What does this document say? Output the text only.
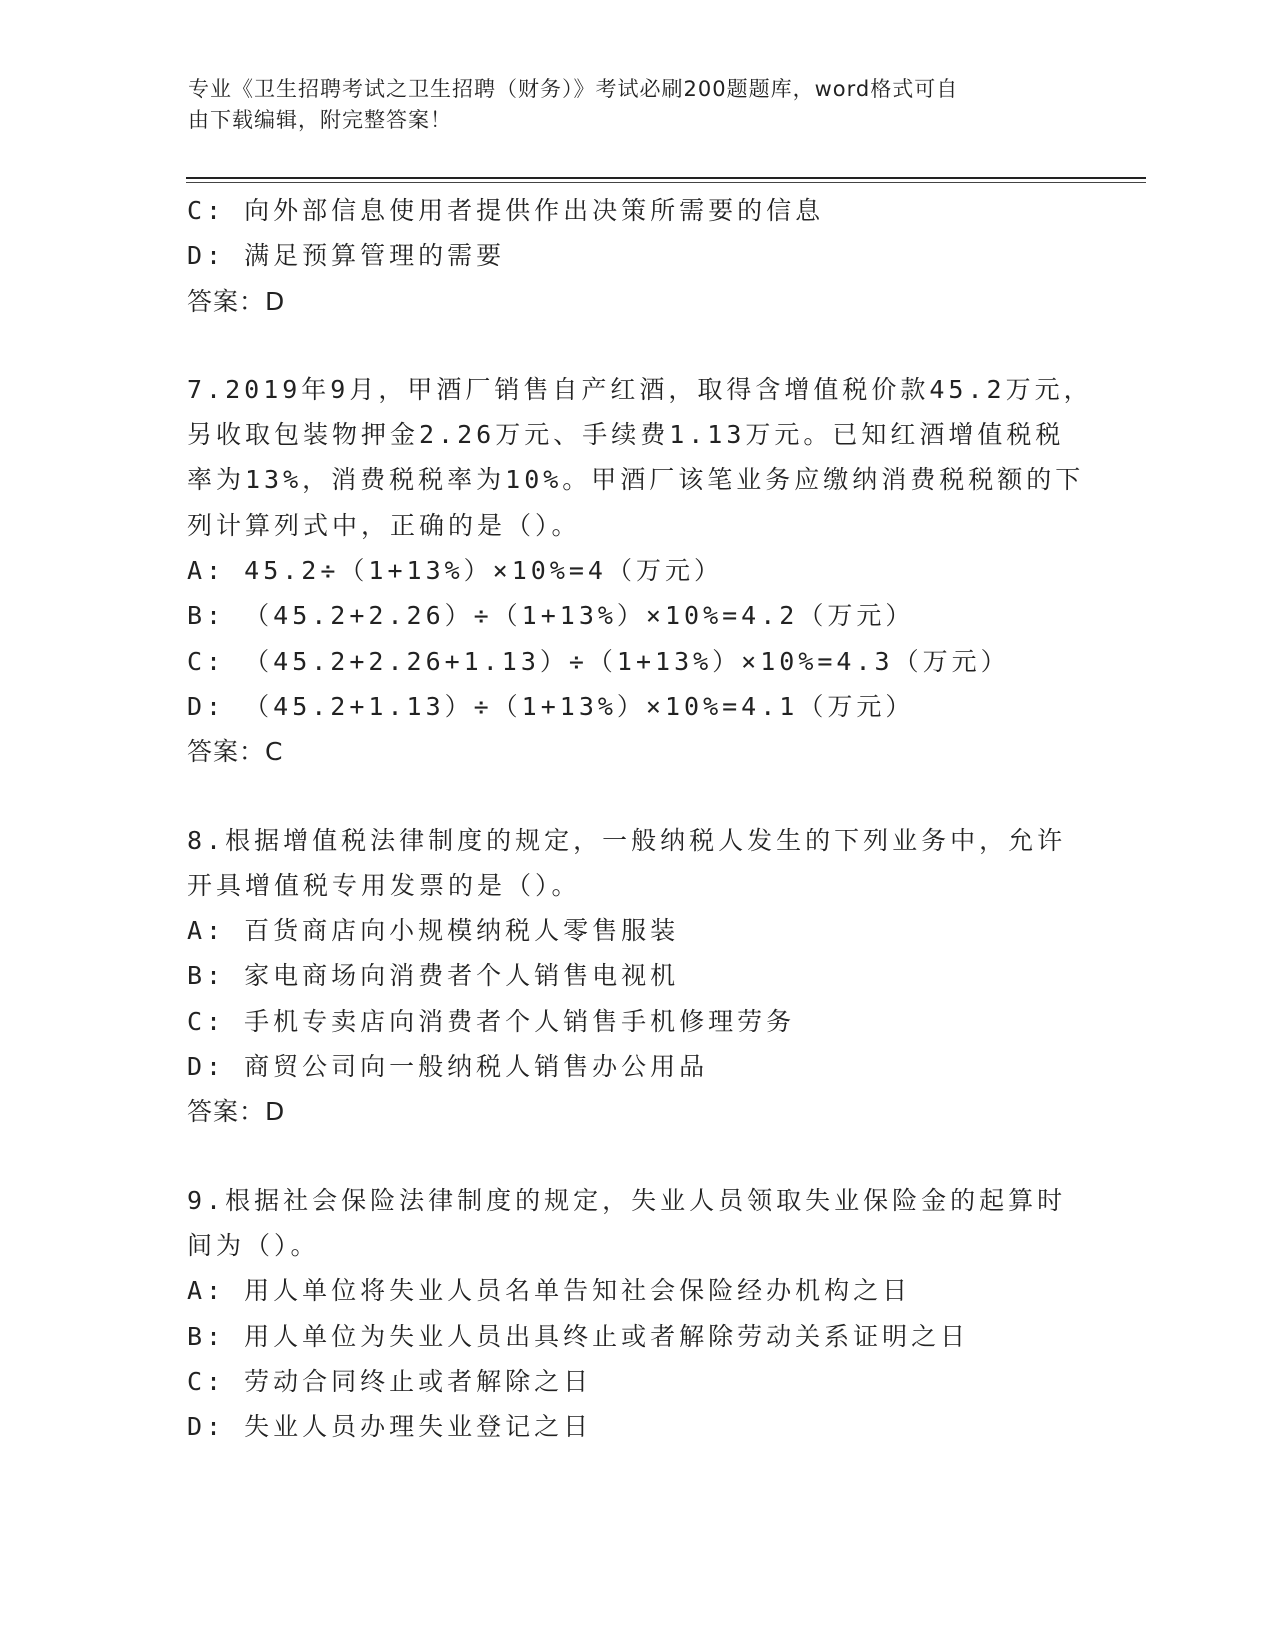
专业《卫生招聘考试之卫生招聘（财务）》考试必刷200题题库，word格式可自
由下载编辑，附完整答案！
C: 向外部信息使用者提供作出决策所需要的信息
D: 满足预算管理的需要
答案：D
7.2019年9月，甲酒厂销售自产红酒，取得含增值税价款45.2万元，
另收取包装物押金2.26万元、手续费1.13万元。已知红酒增值税税
率为13%，消费税税率为10%。甲酒厂该笔业务应缴纳消费税税额的下
列计算列式中，正确的是（）。
A: 45.2÷（1+13%）×10%=4（万元）
B: （45.2+2.26）÷（1+13%）×10%=4.2（万元）
C: （45.2+2.26+1.13）÷（1+13%）×10%=4.3（万元）
D: （45.2+1.13）÷（1+13%）×10%=4.1（万元）
答案：C
8.根据增值税法律制度的规定，一般纳税人发生的下列业务中，允许
开具增值税专用发票的是（）。
A: 百货商店向小规模纳税人零售服装
B: 家电商场向消费者个人销售电视机
C: 手机专卖店向消费者个人销售手机修理劳务
D: 商贸公司向一般纳税人销售办公用品
答案：D
9.根据社会保险法律制度的规定，失业人员领取失业保险金的起算时
间为（）。
A: 用人单位将失业人员名单告知社会保险经办机构之日
B: 用人单位为失业人员出具终止或者解除劳动关系证明之日
C: 劳动合同终止或者解除之日
D: 失业人员办理失业登记之日
